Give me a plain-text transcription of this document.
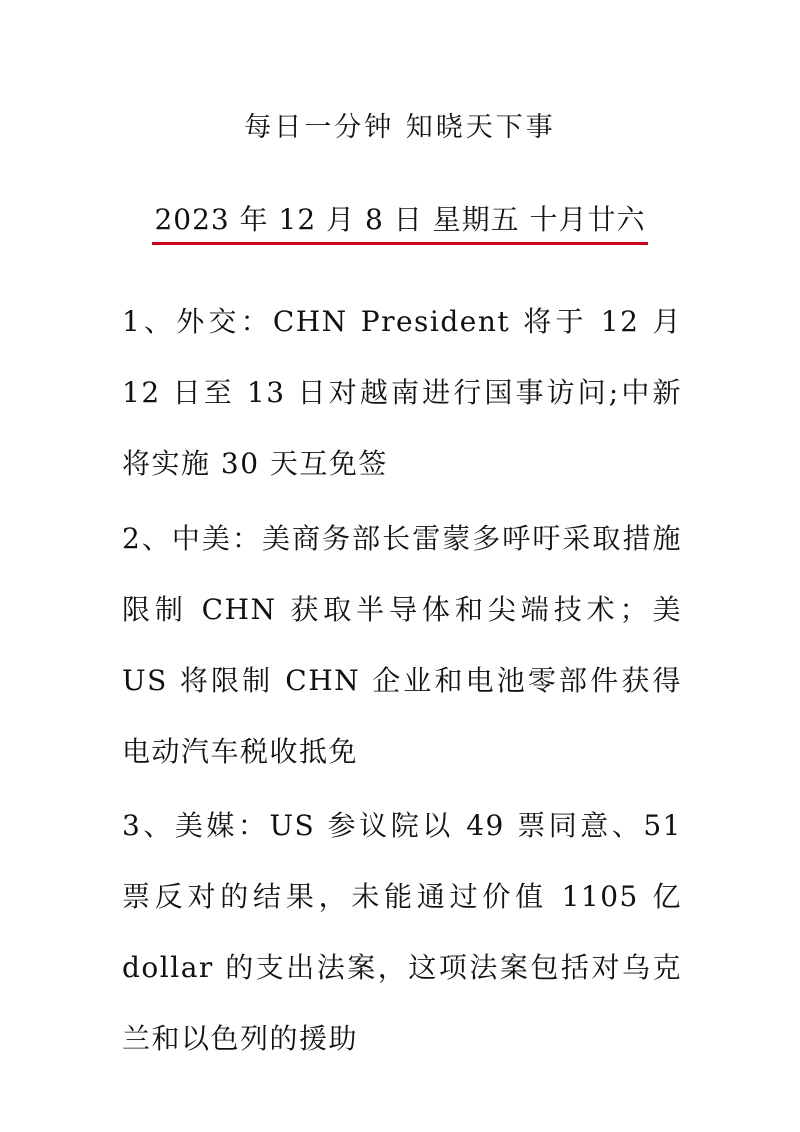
每日一分钟 知晓天下事
2023 年 12 月 8 日 星期五 十月廿六

1、外交：CHN President 将于 12 月 12 日至 13 日对越南进行国事访问;中新将实施 30 天互免签

2、中美：美商务部长雷蒙多呼吁采取措施限制 CHN 获取半导体和尖端技术；美 US 将限制 CHN 企业和电池零部件获得电动汽车税收抵免

3、美媒：US 参议院以 49 票同意、51 票反对的结果，未能通过价值 1105 亿 dollar 的支出法案，这项法案包括对乌克兰和以色列的援助
